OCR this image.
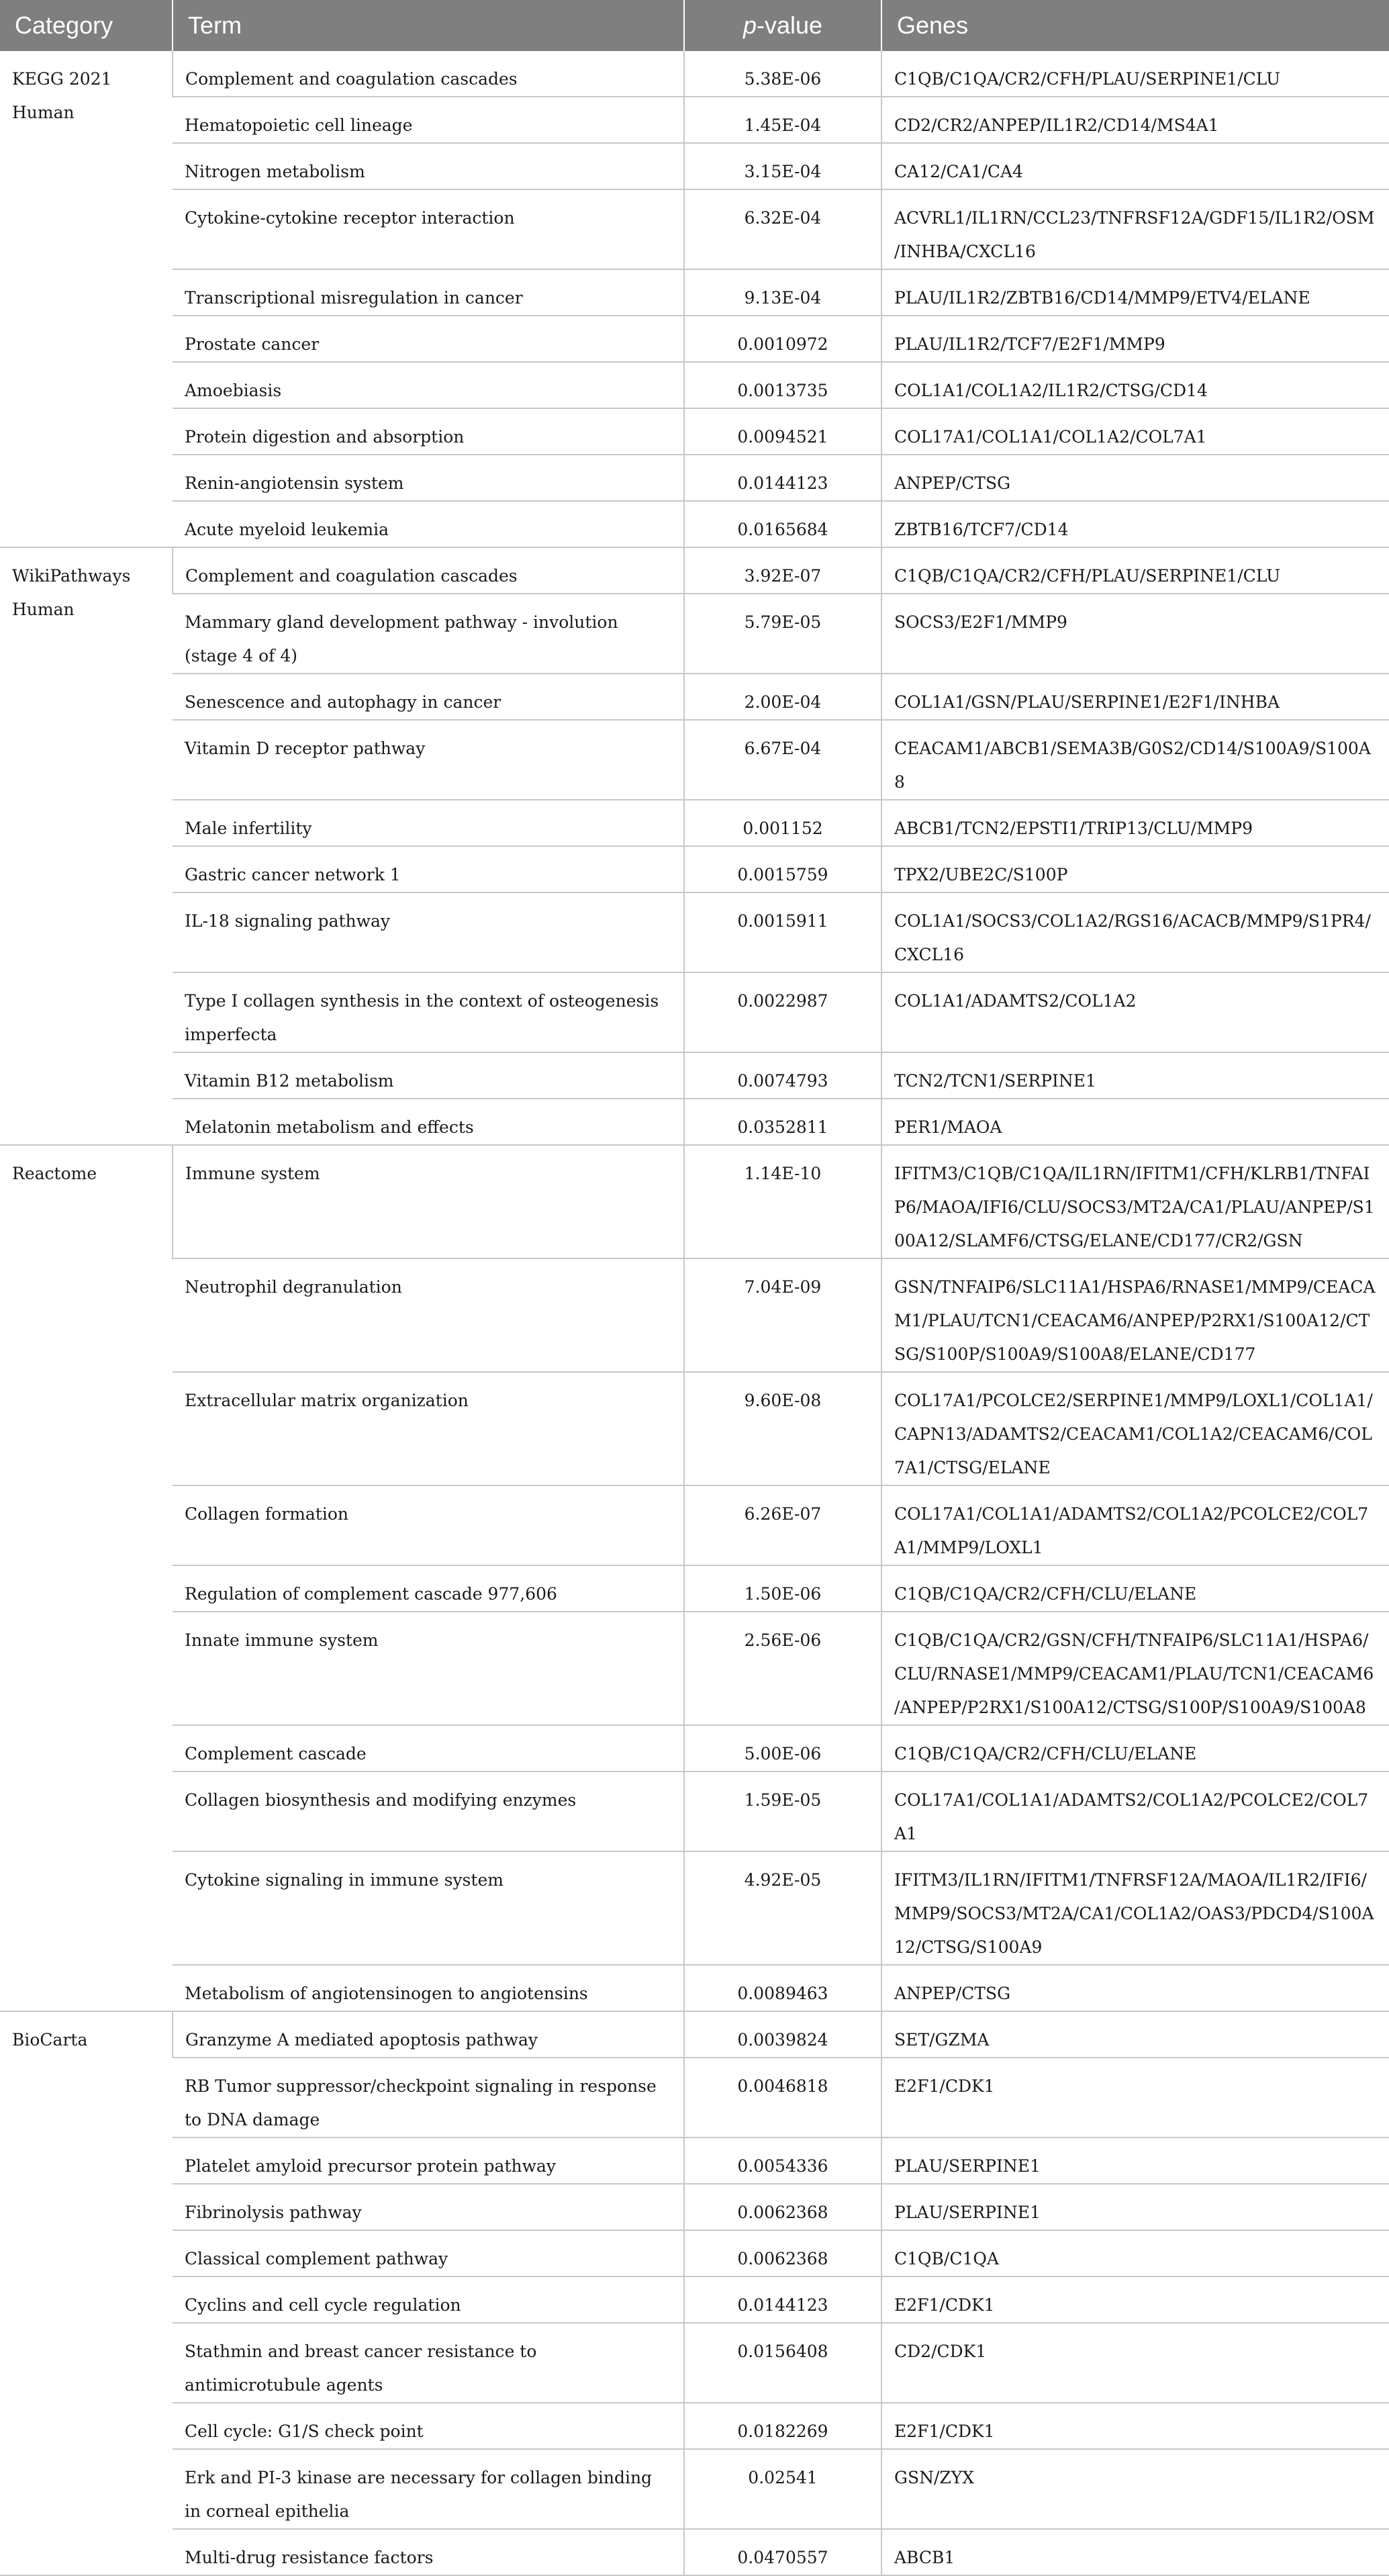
Category	Term	p-value	Genes
KEGG 2021 Human	Complement and coagulation cascades	5.38E-06	C1QB/C1QA/CR2/CFH/PLAU/SERPINE1/CLU
	Hematopoietic cell lineage	1.45E-04	CD2/CR2/ANPEP/IL1R2/CD14/MS4A1
	Nitrogen metabolism	3.15E-04	CA12/CA1/CA4
	Cytokine-cytokine receptor interaction	6.32E-04	ACVRL1/IL1RN/CCL23/TNFRSF12A/GDF15/IL1R2/OSM/INHBA/CXCL16
	Transcriptional misregulation in cancer	9.13E-04	PLAU/IL1R2/ZBTB16/CD14/MMP9/ETV4/ELANE
	Prostate cancer	0.0010972	PLAU/IL1R2/TCF7/E2F1/MMP9
	Amoebiasis	0.0013735	COL1A1/COL1A2/IL1R2/CTSG/CD14
	Protein digestion and absorption	0.0094521	COL17A1/COL1A1/COL1A2/COL7A1
	Renin-angiotensin system	0.0144123	ANPEP/CTSG
	Acute myeloid leukemia	0.0165684	ZBTB16/TCF7/CD14
WikiPathways Human	Complement and coagulation cascades	3.92E-07	C1QB/C1QA/CR2/CFH/PLAU/SERPINE1/CLU
	Mammary gland development pathway - involution (stage 4 of 4)	5.79E-05	SOCS3/E2F1/MMP9
	Senescence and autophagy in cancer	2.00E-04	COL1A1/GSN/PLAU/SERPINE1/E2F1/INHBA
	Vitamin D receptor pathway	6.67E-04	CEACAM1/ABCB1/SEMA3B/G0S2/CD14/S100A9/S100A8
	Male infertility	0.001152	ABCB1/TCN2/EPSTI1/TRIP13/CLU/MMP9
	Gastric cancer network 1	0.0015759	TPX2/UBE2C/S100P
	IL-18 signaling pathway	0.0015911	COL1A1/SOCS3/COL1A2/RGS16/ACACB/MMP9/S1PR4/CXCL16
	Type I collagen synthesis in the context of osteogenesis imperfecta	0.0022987	COL1A1/ADAMTS2/COL1A2
	Vitamin B12 metabolism	0.0074793	TCN2/TCN1/SERPINE1
	Melatonin metabolism and effects	0.0352811	PER1/MAOA
Reactome	Immune system	1.14E-10	IFITM3/C1QB/C1QA/IL1RN/IFITM1/CFH/KLRB1/TNFAIP6/MAOA/IFI6/CLU/SOCS3/MT2A/CA1/PLAU/ANPEP/S100A12/SLAMF6/CTSG/ELANE/CD177/CR2/GSN
	Neutrophil degranulation	7.04E-09	GSN/TNFAIP6/SLC11A1/HSPA6/RNASE1/MMP9/CEACAM1/PLAU/TCN1/CEACAM6/ANPEP/P2RX1/S100A12/CTSG/S100P/S100A9/S100A8/ELANE/CD177
	Extracellular matrix organization	9.60E-08	COL17A1/PCOLCE2/SERPINE1/MMP9/LOXL1/COL1A1/CAPN13/ADAMTS2/CEACAM1/COL1A2/CEACAM6/COL7A1/CTSG/ELANE
	Collagen formation	6.26E-07	COL17A1/COL1A1/ADAMTS2/COL1A2/PCOLCE2/COL7A1/MMP9/LOXL1
	Regulation of complement cascade 977,606	1.50E-06	C1QB/C1QA/CR2/CFH/CLU/ELANE
	Innate immune system	2.56E-06	C1QB/C1QA/CR2/GSN/CFH/TNFAIP6/SLC11A1/HSPA6/CLU/RNASE1/MMP9/CEACAM1/PLAU/TCN1/CEACAM6/ANPEP/P2RX1/S100A12/CTSG/S100P/S100A9/S100A8
	Complement cascade	5.00E-06	C1QB/C1QA/CR2/CFH/CLU/ELANE
	Collagen biosynthesis and modifying enzymes	1.59E-05	COL17A1/COL1A1/ADAMTS2/COL1A2/PCOLCE2/COL7A1
	Cytokine signaling in immune system	4.92E-05	IFITM3/IL1RN/IFITM1/TNFRSF12A/MAOA/IL1R2/IFI6/MMP9/SOCS3/MT2A/CA1/COL1A2/OAS3/PDCD4/S100A12/CTSG/S100A9
	Metabolism of angiotensinogen to angiotensins	0.0089463	ANPEP/CTSG
BioCarta	Granzyme A mediated apoptosis pathway	0.0039824	SET/GZMA
	RB Tumor suppressor/checkpoint signaling in response to DNA damage	0.0046818	E2F1/CDK1
	Platelet amyloid precursor protein pathway	0.0054336	PLAU/SERPINE1
	Fibrinolysis pathway	0.0062368	PLAU/SERPINE1
	Classical complement pathway	0.0062368	C1QB/C1QA
	Cyclins and cell cycle regulation	0.0144123	E2F1/CDK1
	Stathmin and breast cancer resistance to antimicrotubule agents	0.0156408	CD2/CDK1
	Cell cycle: G1/S check point	0.0182269	E2F1/CDK1
	Erk and PI-3 kinase are necessary for collagen binding in corneal epithelia	0.02541	GSN/ZYX
	Multi-drug resistance factors	0.0470557	ABCB1
